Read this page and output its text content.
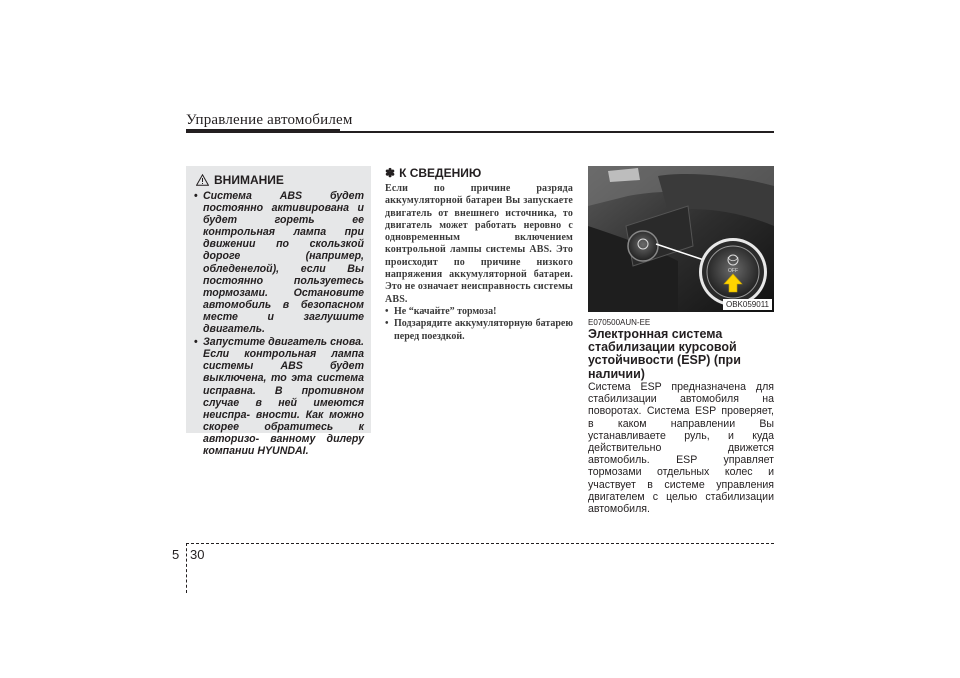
Управление автомобилем
ВНИМАНИЕ
• Система ABS будет постоянно активирована и будет гореть ее контрольная лампа при движении по скользкой дороге (например, обледенелой), если Вы постоянно пользуетесь тормозами. Остановите автомобиль в безопасном месте и заглушите двигатель.
• Запустите двигатель снова. Если контрольная лампа системы ABS будет выключена, то эта система исправна. В противном случае в ней имеются неиспра- вности. Как можно скорее обратитесь к авторизо- ванному дилеру компании HYUNDAI.
✽ К СВЕДЕНИЮ
Если по причине разряда аккумуляторной батареи Вы запускаете двигатель от внешнего источника, то двигатель может работать неровно с одновременным включением контрольной лампы системы ABS. Это происходит по причине низкого напряжения аккумуляторной батареи. Это не означает неисправность системы ABS.
• Не “качайте” тормоза!
• Подзарядите аккумуляторную батарею перед поездкой.
OFF
OBK059011
E070500AUN-EE
Электронная система стабилизации курсовой устойчивости (ESP) (при наличии)
Система ESP предназначена для стабилизации автомобиля на поворотах. Система ESP проверяет, в каком направлении Вы устанавливаете руль, и куда действительно движется автомобиль. ESP управляет тормозами отдельных колес и участвует в системе управления двигателем с целью стабилизации автомобиля.
5 30
